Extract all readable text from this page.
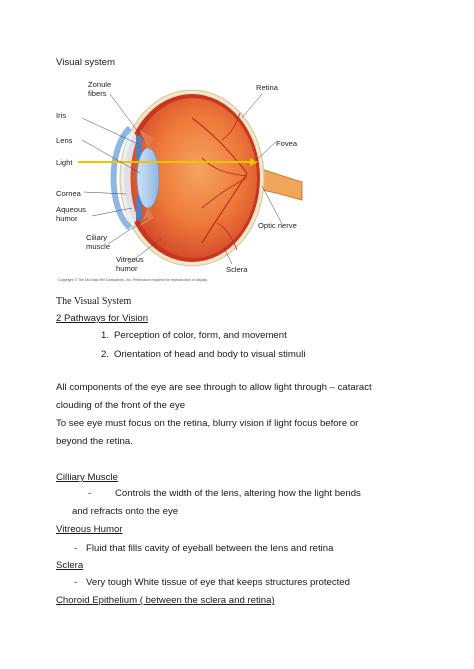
Visual system
Zonule fibers
Iris
Lens
Light
Cornea
Aqueous humor
Ciliary muscle
Vitreous humor	Sclera
Optic nerve
Fovea
Retina
Copyright © The McGraw-Hill Companies, Inc. Permission required for reproduction or display.
The Visual System
2 Pathways for Vision
1. Perception of color, form, and movement
2. Orientation of head and body to visual stimuli
All components of the eye are see through to allow light through – cataract
clouding of the front of the eye
To see eye must focus on the retina, blurry vision if light focus before or
beyond the retina.
Cilliary Muscle
- Controls the width of the lens, altering how the light bends
and refracts onto the eye
Vitreous Humor
- Fluid that fills cavity of eyeball between the lens and retina
Sclera
- Very tough White tissue of eye that keeps structures protected
Choroid Epithelium ( between the sclera and retina)
